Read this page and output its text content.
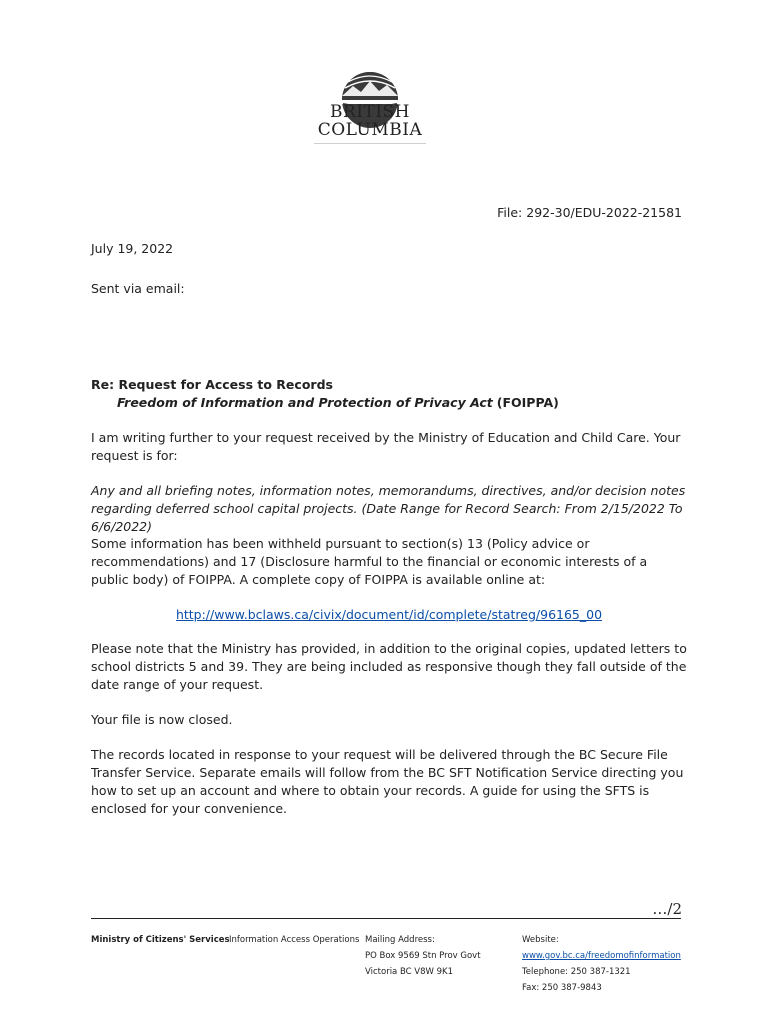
BRITISH
COLUMBIA
File: 292-30/EDU-2022-21581

July 19, 2022

Sent via email:

Re: Request for Access to Records

Freedom of Information and Protection of Privacy Act (FOIPPA)

I am writing further to your request received by the Ministry of Education and Child Care. Your request is for:

Any and all briefing notes, information notes, memorandums, directives, and/or decision notes regarding deferred school capital projects. (Date Range for Record Search: From 2/15/2022 To 6/6/2022)

Some information has been withheld pursuant to section(s) 13 (Policy advice or recommendations) and 17 (Disclosure harmful to the financial or economic interests of a public body) of FOIPPA. A complete copy of FOIPPA is available online at:

http://www.bclaws.ca/civix/document/id/complete/statreg/96165_00

Please note that the Ministry has provided, in addition to the original copies, updated letters to school districts 5 and 39. They are being included as responsive though they fall outside of the date range of your request.

Your file is now closed.

The records located in response to your request will be delivered through the BC Secure File Transfer Service. Separate emails will follow from the BC SFT Notification Service directing you how to set up an account and where to obtain your records. A guide for using the SFTS is enclosed for your convenience.

…/2
Ministry of Citizens' Services Information Access Operations Mailing Address:
PO Box 9569 Stn Prov Govt
Victoria BC V8W 9K1
Website:
www.gov.bc.ca/freedomofinformation
Telephone: 250 387-1321
Fax: 250 387-9843
